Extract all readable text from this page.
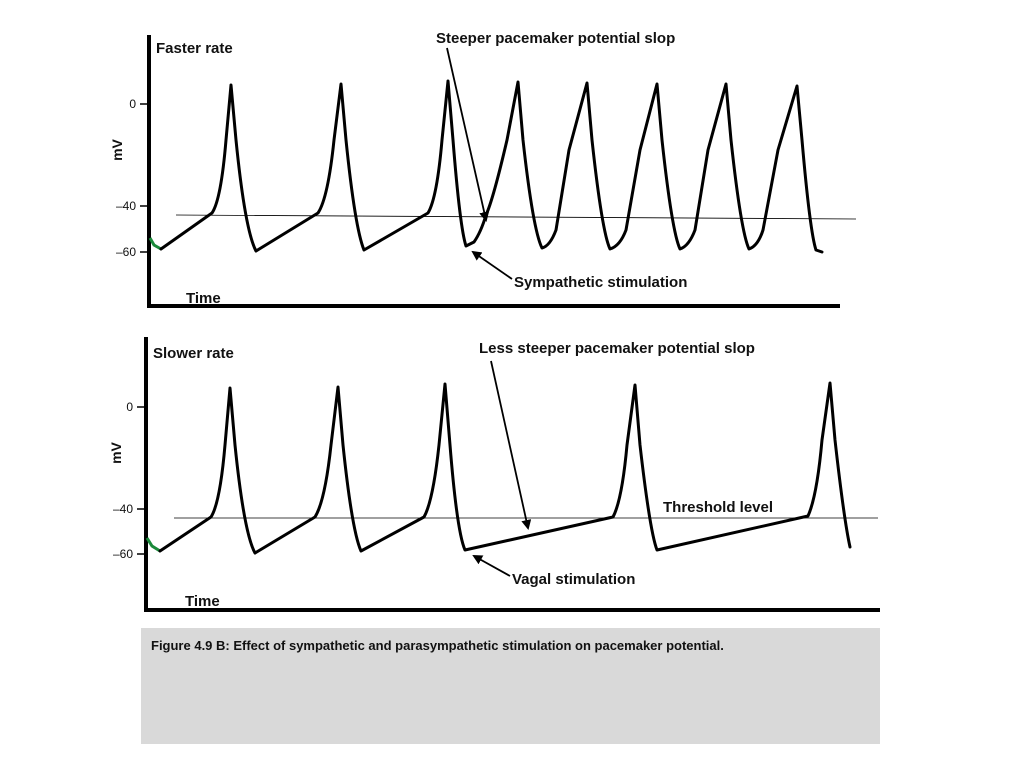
0
–40
–60
mV
Faster rate
Time
Steeper pacemaker potential slop
Sympathetic stimulation
0
–40
–60
mV
Slower rate
Time
Less steeper pacemaker potential slop
Threshold level
Vagal stimulation
Figure 4.9 B: Effect of sympathetic and parasympathetic stimulation on pacemaker potential.
